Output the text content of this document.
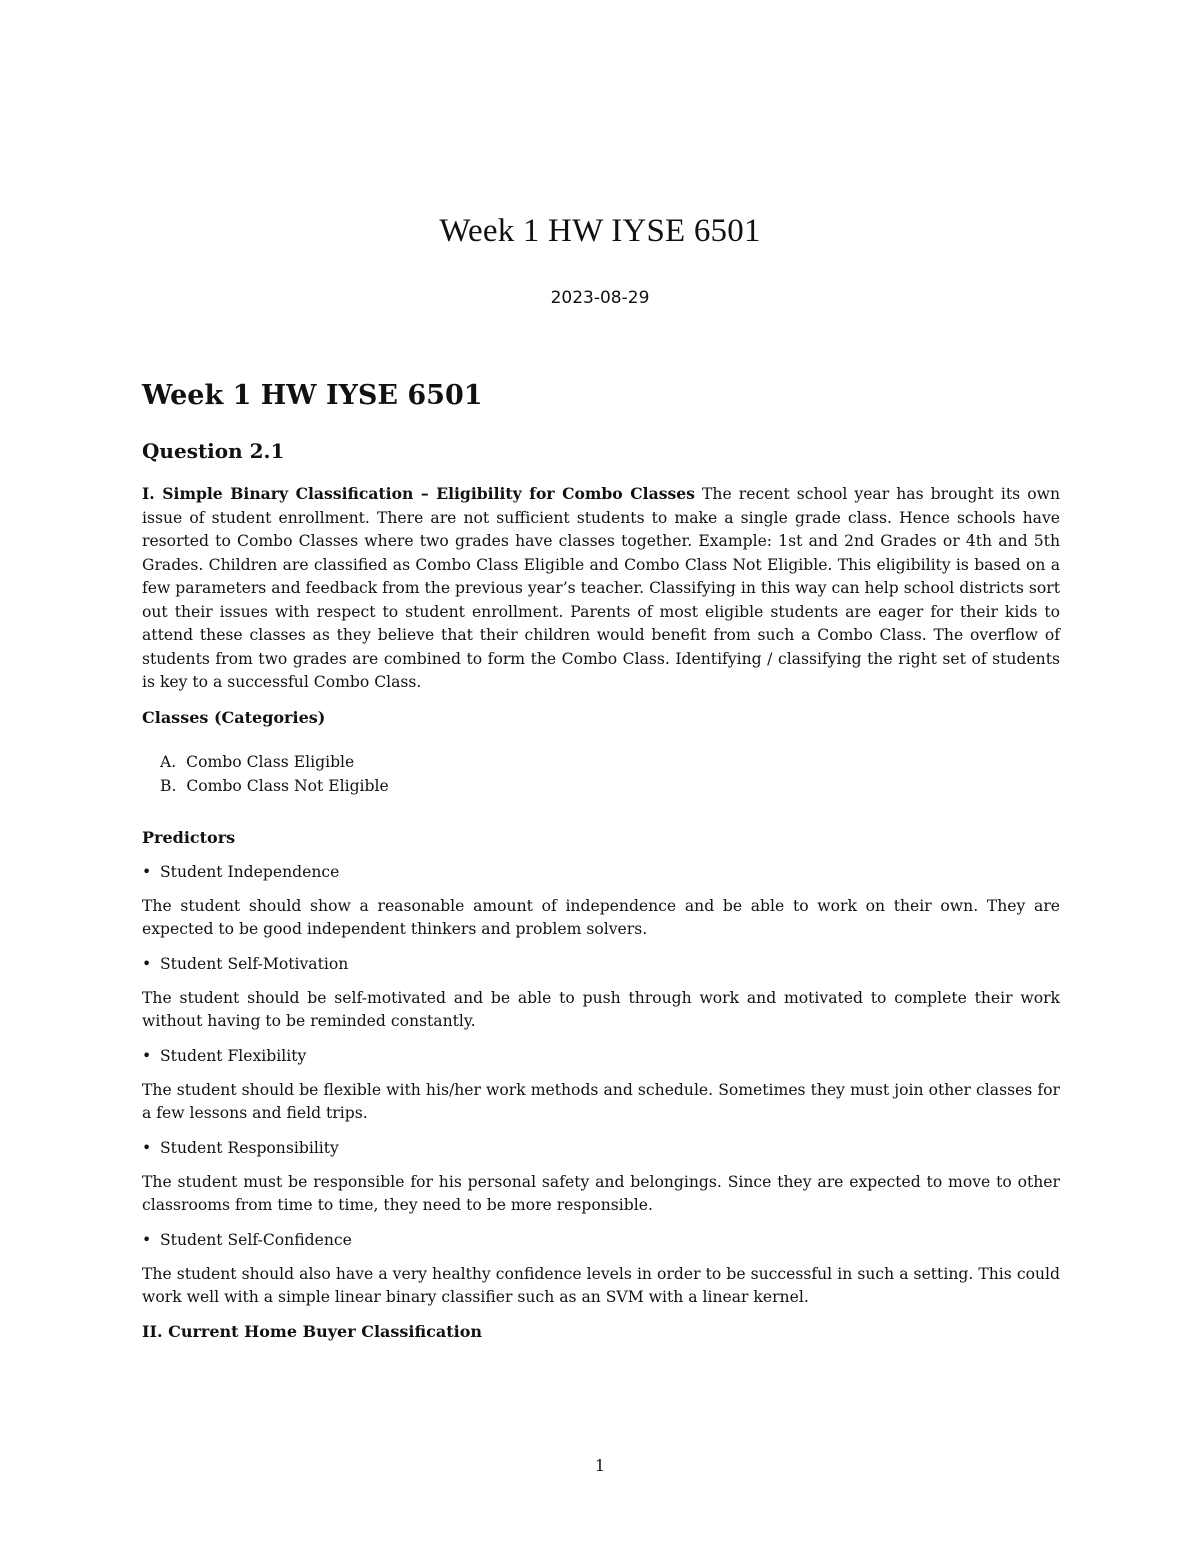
Week 1 HW IYSE 6501
2023-08-29
Week 1 HW IYSE 6501
Question 2.1

I. Simple Binary Classification – Eligibility for Combo Classes The recent school year has brought its own issue of student enrollment. There are not sufficient students to make a single grade class. Hence schools have resorted to Combo Classes where two grades have classes together. Example: 1st and 2nd Grades or 4th and 5th Grades. Children are classified as Combo Class Eligible and Combo Class Not Eligible. This eligibility is based on a few parameters and feedback from the previous year’s teacher. Classifying in this way can help school districts sort out their issues with respect to student enrollment. Parents of most eligible students are eager for their kids to attend these classes as they believe that their children would benefit from such a Combo Class. The overflow of students from two grades are combined to form the Combo Class. Identifying / classifying the right set of students is key to a successful Combo Class.

Classes (Categories)
A. Combo Class Eligible
B. Combo Class Not Eligible
Predictors

• Student Independence

The student should show a reasonable amount of independence and be able to work on their own. They are expected to be good independent thinkers and problem solvers.

• Student Self-Motivation

The student should be self-motivated and be able to push through work and motivated to complete their work without having to be reminded constantly.

• Student Flexibility

The student should be flexible with his/her work methods and schedule. Sometimes they must join other classes for a few lessons and field trips.

• Student Responsibility

The student must be responsible for his personal safety and belongings. Since they are expected to move to other classrooms from time to time, they need to be more responsible.

• Student Self-Confidence

The student should also have a very healthy confidence levels in order to be successful in such a setting. This could work well with a simple linear binary classifier such as an SVM with a linear kernel.

II. Current Home Buyer Classification
1
